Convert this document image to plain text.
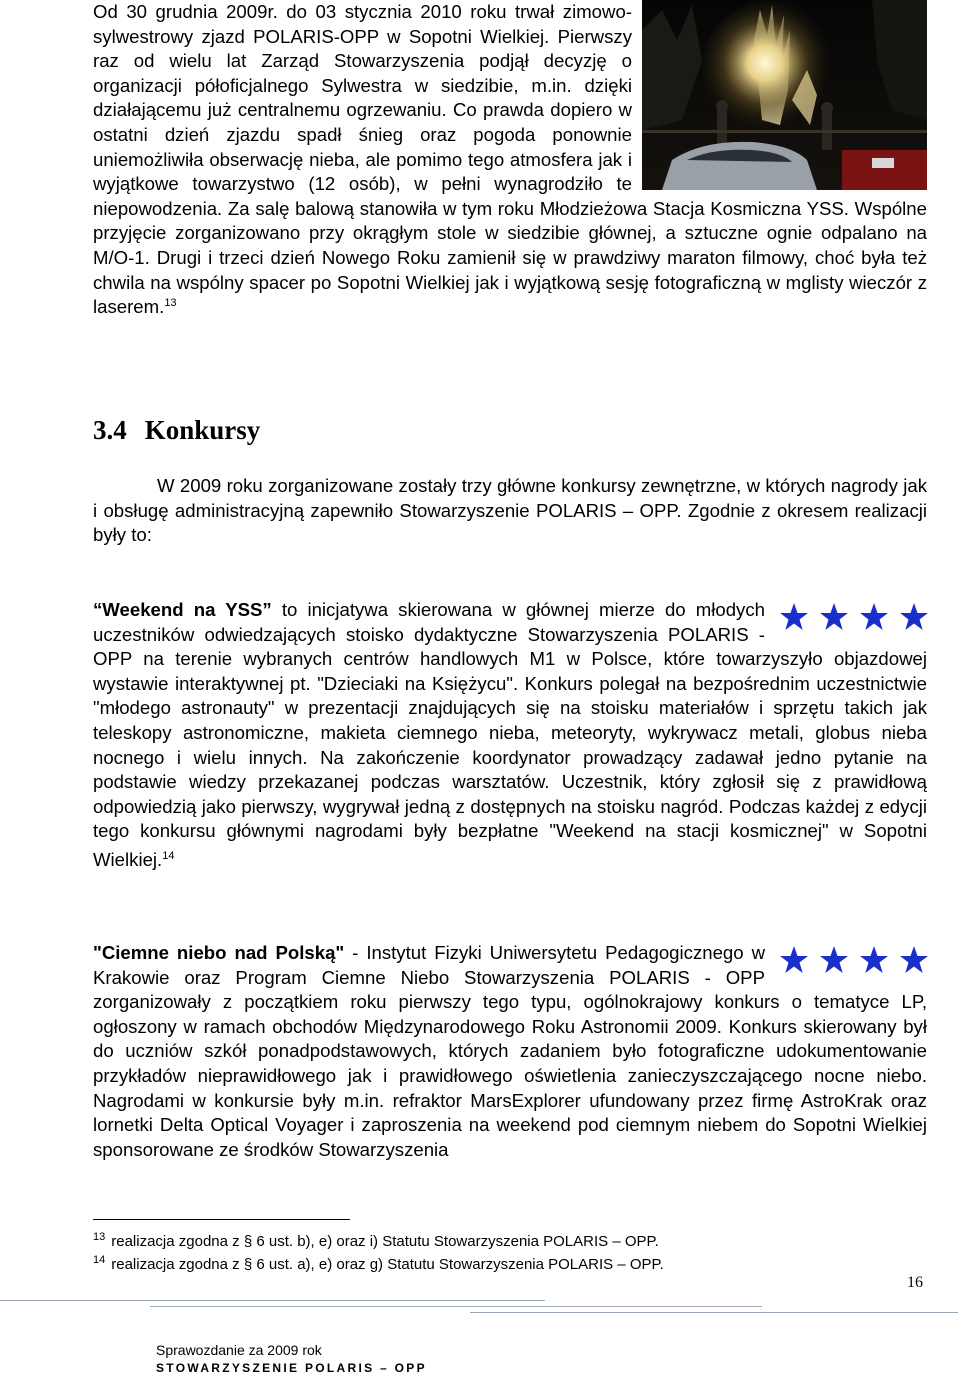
Od 30 grudnia 2009r. do 03 stycznia 2010 roku trwał zimowo-sylwestrowy zjazd POLARIS-OPP w Sopotni Wielkiej. Pierwszy raz od wielu lat Zarząd Stowarzyszenia podjął decyzję o organizacji półoficjalnego Sylwestra w siedzibie, m.in. dzięki działającemu już centralnemu ogrzewaniu. Co prawda dopiero w ostatni dzień zjazdu spadł śnieg oraz pogoda ponownie uniemożliwiła obserwację nieba, ale pomimo tego atmosfera jak i wyjątkowe towarzystwo (12 osób), w pełni wynagrodziło te niepowodzenia. Za salę balową stanowiła w tym roku Młodzieżowa Stacja Kosmiczna YSS. Wspólne przyjęcie zorganizowano przy okrągłym stole w siedzibie głównej, a sztuczne ognie odpalano na M/O-1. Drugi i trzeci dzień Nowego Roku zamienił się w prawdziwy maraton filmowy, choć była też chwila na wspólny spacer po Sopotni Wielkiej jak i wyjątkową sesję fotograficzną w mglisty wieczór z laserem.$^{13}$

3.4 Konkursy

W 2009 roku zorganizowane zostały trzy główne konkursy zewnętrzne, w których nagrody jak i obsługę administracyjną zapewniło Stowarzyszenie POLARIS – OPP. Zgodnie z okresem realizacji były to:

“Weekend na YSS” to inicjatywa skierowana w głównej mierze do młodych uczestników odwiedzających stoisko dydaktyczne Stowarzyszenia POLARIS - OPP na terenie wybranych centrów handlowych M1 w Polsce, które towarzyszyło objazdowej wystawie interaktywnej pt. "Dzieciaki na Księżycu". Konkurs polegał na bezpośrednim uczestnictwie "młodego astronauty" w prezentacji znajdujących się na stoisku materiałów i sprzętu takich jak teleskopy astronomiczne, makieta ciemnego nieba, meteoryty, wykrywacz metali, globus nieba nocnego i wielu innych. Na zakończenie koordynator prowadzący zadawał jedno pytanie na podstawie wiedzy przekazanej podczas warsztatów. Uczestnik, który zgłosił się z prawidłową odpowiedzią jako pierwszy, wygrywał jedną z dostępnych na stoisku nagród. Podczas każdej z edycji tego konkursu głównymi nagrodami były bezpłatne "Weekend na stacji kosmicznej" w Sopotni Wielkiej.$^{14}$
"Ciemne niebo nad Polską" - Instytut Fizyki Uniwersytetu Pedagogicznego w Krakowie oraz Program Ciemne Niebo Stowarzyszenia POLARIS - OPP zorganizowały z początkiem roku pierwszy tego typu, ogólnokrajowy konkurs o tematyce LP, ogłoszony w ramach obchodów Międzynarodowego Roku Astronomii 2009. Konkurs skierowany był do uczniów szkół ponadpodstawowych, których zadaniem było fotograficzne udokumentowanie przykładów nieprawidłowego jak i prawidłowego oświetlenia zanieczyszczającego nocne niebo. Nagrodami w konkursie były m.in. refraktor MarsExplorer ufundowany przez firmę AstroKrak oraz lornetki Delta Optical Voyager i zaproszenia na weekend pod ciemnym niebem do Sopotni Wielkiej sponsorowane ze środków Stowarzyszenia
$^{13}$ realizacja zgodna z § 6 ust. b), e) oraz i) Statutu Stowarzyszenia POLARIS – OPP.
$^{14}$ realizacja zgodna z § 6 ust. a), e) oraz g) Statutu Stowarzyszenia POLARIS – OPP.
16
Sprawozdanie za 2009 rok
STOWARZYSZENIE POLARIS – OPP
